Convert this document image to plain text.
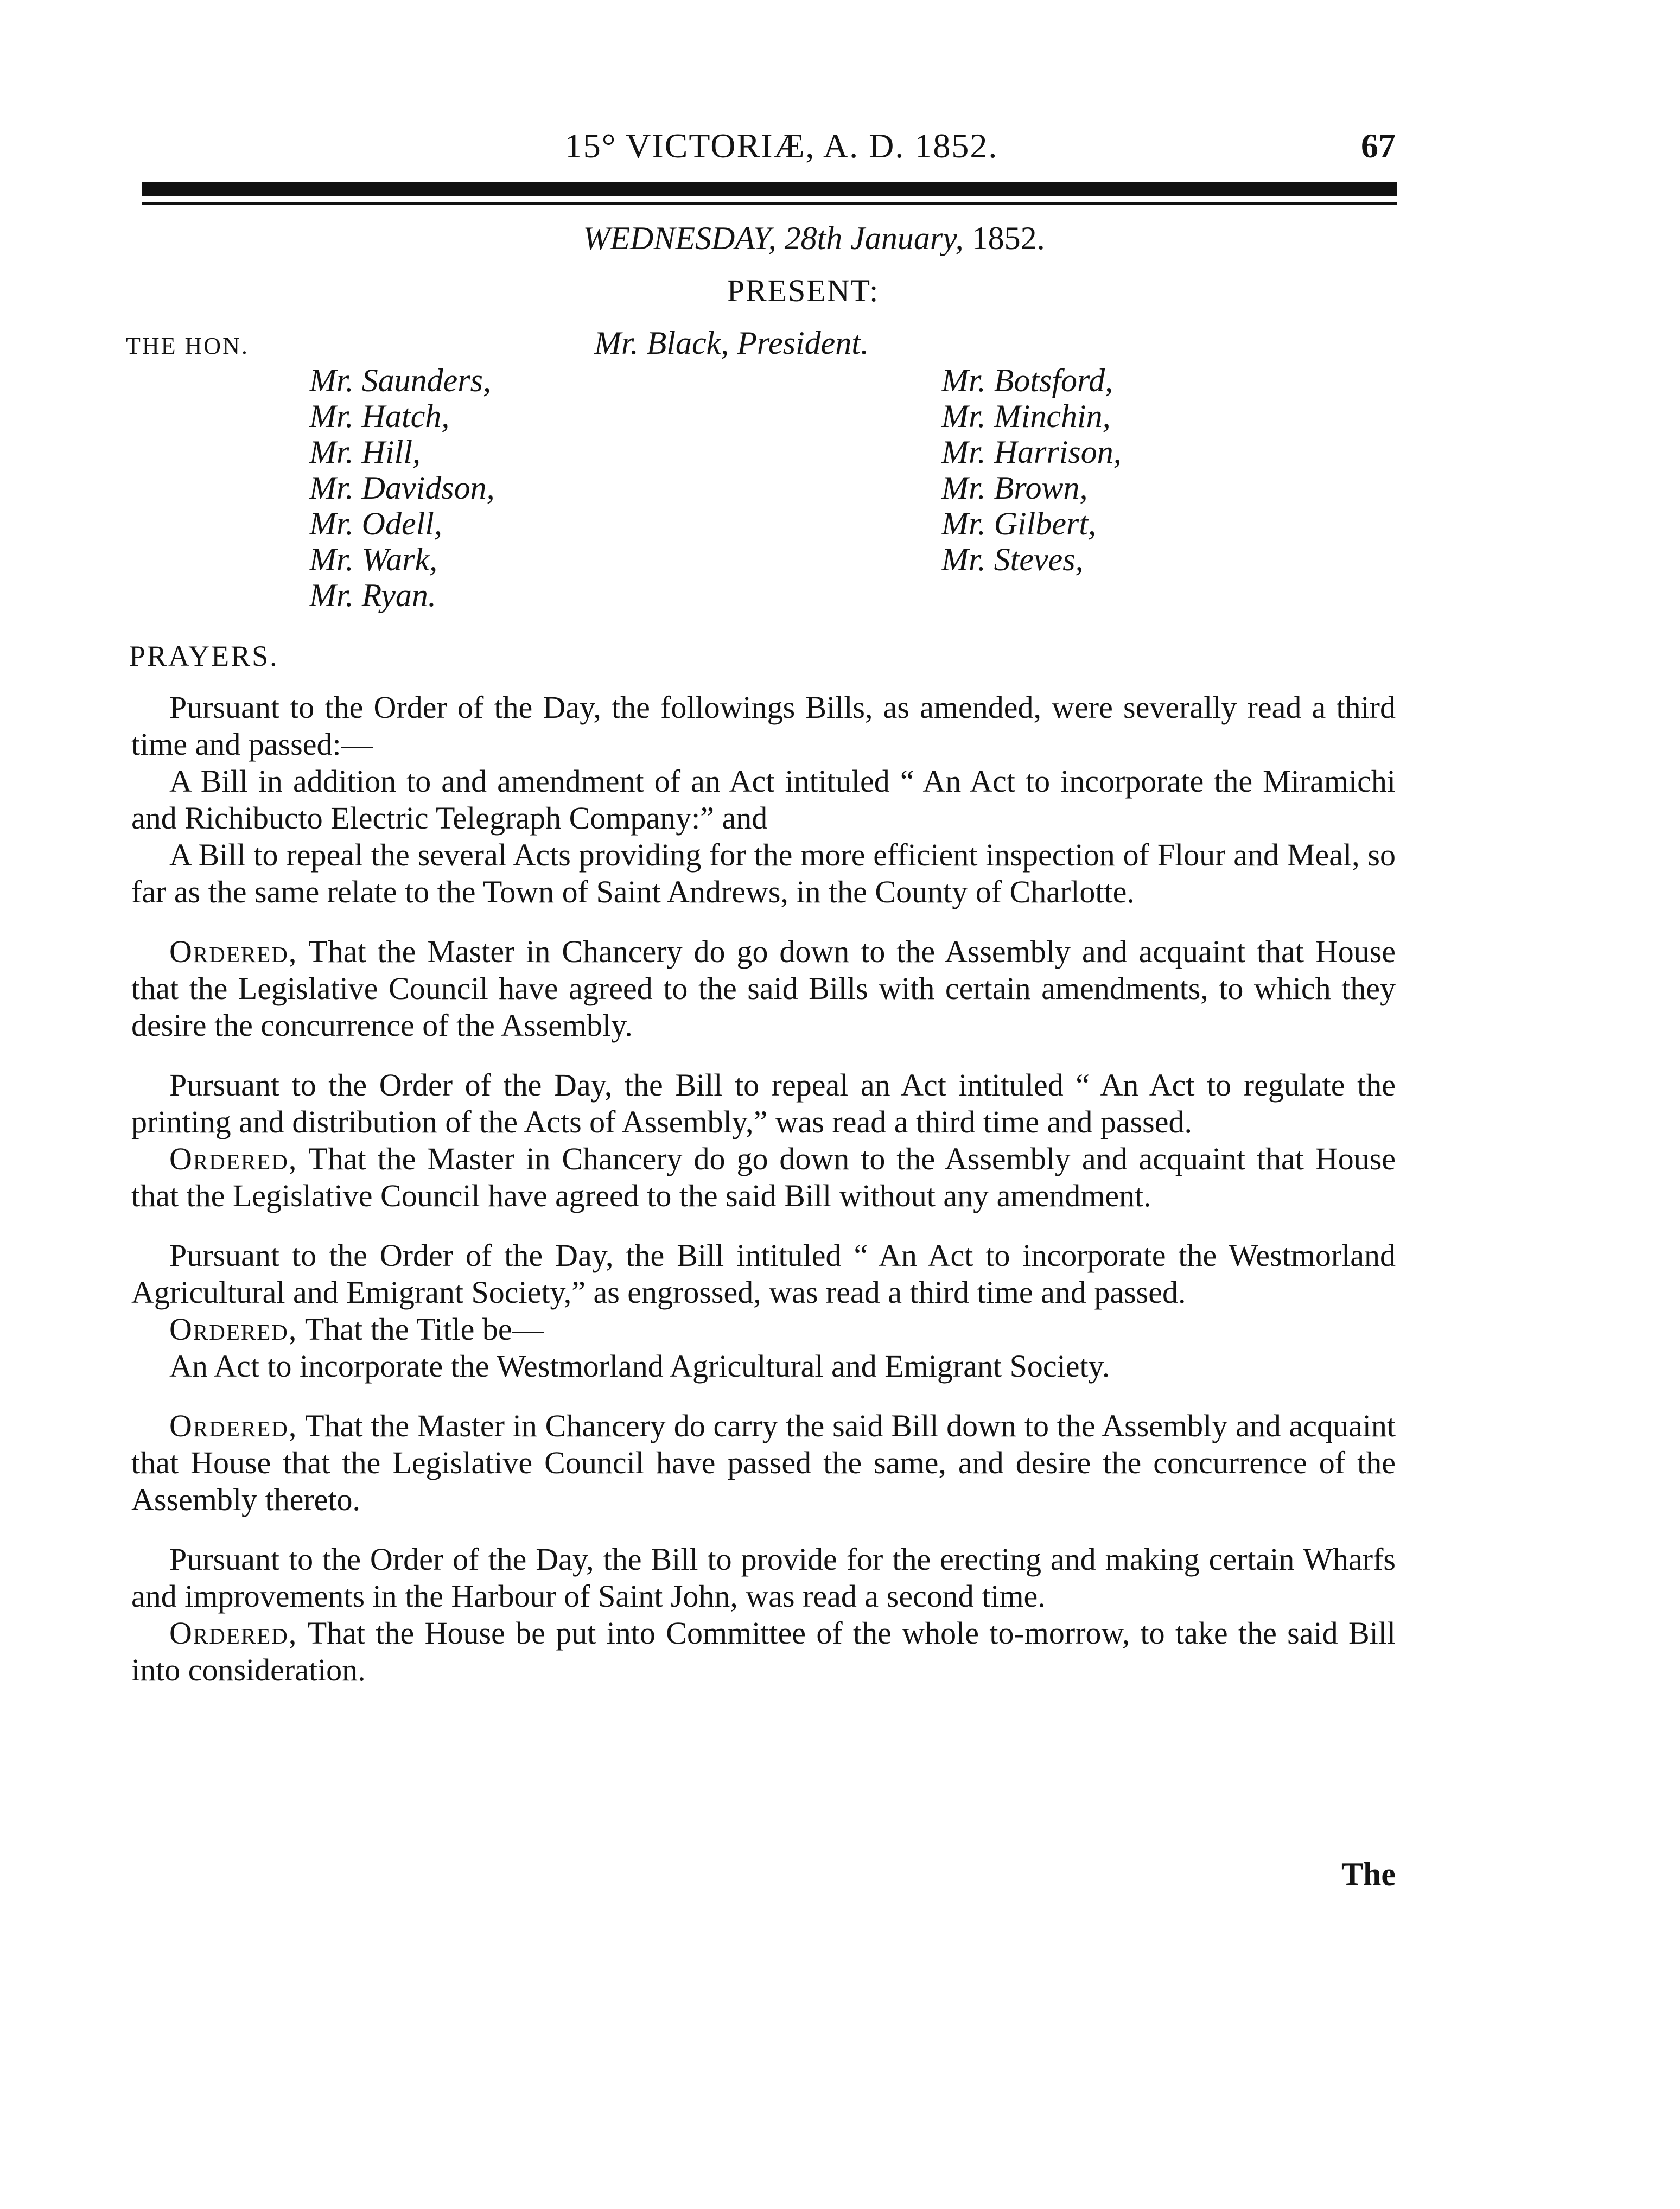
15° VICTORIÆ, A. D. 1852.	67
WEDNESDAY, 28th January, 1852.
PRESENT:
THE HON.	Mr. Black, President.
Mr. Saunders,
Mr. Hatch,
Mr. Hill,
Mr. Davidson,
Mr. Odell,
Mr. Wark,
Mr. Ryan.
Mr. Botsford,
Mr. Minchin,
Mr. Harrison,
Mr. Brown,
Mr. Gilbert,
Mr. Steves,
PRAYERS.

Pursuant to the Order of the Day, the followings Bills, as amended, were severally read a third time and passed:—

A Bill in addition to and amendment of an Act intituled “ An Act to incorporate the Miramichi and Richibucto Electric Telegraph Company:” and

A Bill to repeal the several Acts providing for the more efficient inspection of Flour and Meal, so far as the same relate to the Town of Saint Andrews, in the County of Charlotte.

Ordered, That the Master in Chancery do go down to the Assembly and acquaint that House that the Legislative Council have agreed to the said Bills with certain amendments, to which they desire the concurrence of the Assembly.

Pursuant to the Order of the Day, the Bill to repeal an Act intituled “ An Act to regulate the printing and distribution of the Acts of Assembly,” was read a third time and passed.

Ordered, That the Master in Chancery do go down to the Assembly and acquaint that House that the Legislative Council have agreed to the said Bill without any amendment.

Pursuant to the Order of the Day, the Bill intituled “ An Act to incorporate the Westmorland Agricultural and Emigrant Society,” as engrossed, was read a third time and passed.

Ordered, That the Title be—

An Act to incorporate the Westmorland Agricultural and Emigrant Society.

Ordered, That the Master in Chancery do carry the said Bill down to the Assembly and acquaint that House that the Legislative Council have passed the same, and desire the concurrence of the Assembly thereto.

Pursuant to the Order of the Day, the Bill to provide for the erecting and making certain Wharfs and improvements in the Harbour of Saint John, was read a second time.

Ordered, That the House be put into Committee of the whole to-morrow, to take the said Bill into consideration.

The
